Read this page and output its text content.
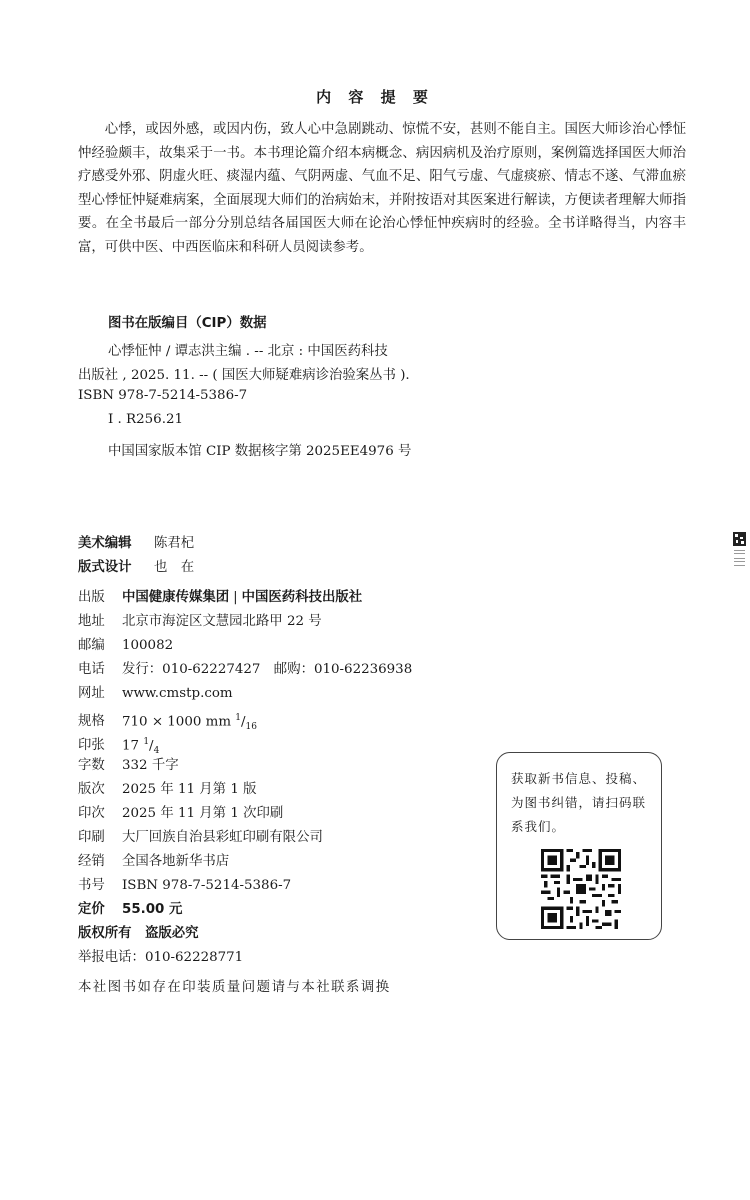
内 容 提 要

心悸，或因外感，或因内伤，致人心中急剧跳动、惊慌不安，甚则不能自主。国医大师诊治心悸怔忡经验颇丰，故集采于一书。本书理论篇介绍本病概念、病因病机及治疗原则，案例篇选择国医大师治疗感受外邪、阴虚火旺、痰湿内蕴、气阴两虚、气血不足、阳气亏虚、气虚痰瘀、情志不遂、气滞血瘀型心悸怔忡疑难病案，全面展现大师们的治病始末，并附按语对其医案进行解读，方便读者理解大师指要。在全书最后一部分分别总结各届国医大师在论治心悸怔忡疾病时的经验。全书详略得当，内容丰富，可供中医、中西医临床和科研人员阅读参考。

图书在版编目（CIP）数据
心悸怔忡 / 谭志洪主编 . -- 北京 : 中国医药科技
出版社 , 2025. 11. -- ( 国医大师疑难病诊治验案丛书 ).
ISBN 978-7-5214-5386-7
Ⅰ . R256.21
中国国家版本馆 CIP 数据核字第 2025EE4976 号
美术编辑 陈君杞
版式设计 也　在
出版 中国健康传媒集团 | 中国医药科技出版社
地址 北京市海淀区文慧园北路甲 22 号
邮编 100082
电话 发行：010-62227427　邮购：010-62236938
网址 www.cmstp.com
规格 710 × 1000 mm $^1/_{16}$
印张 17 $^1/_4$
字数 332 千字
版次 2025 年 11 月第 1 版
印次 2025 年 11 月第 1 次印刷
印刷 大厂回族自治县彩虹印刷有限公司
经销 全国各地新华书店
书号 ISBN 978-7-5214-5386-7
定价 55.00 元
版权所有　盗版必究
举报电话：010-62228771
本社图书如存在印装质量问题请与本社联系调换
获取新书信息、投稿、为图书纠错，请扫码联系我们。
